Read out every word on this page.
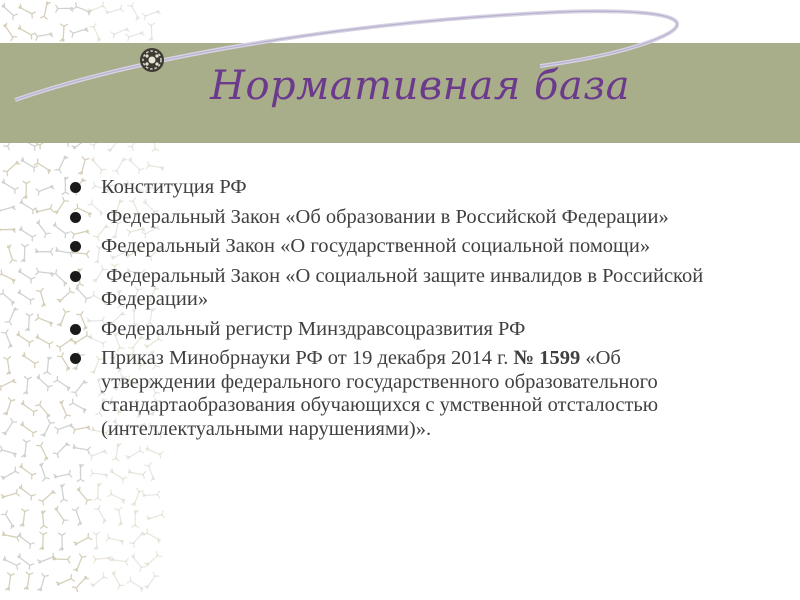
Нормативная база
Конституция РФ
Федеральный Закон «Об образовании в Российской Федерации»
Федеральный Закон «О государственной социальной помощи»
Федеральный Закон «О социальной защите инвалидов в Российской Федерации»
Федеральный регистр Минздравсоцразвития РФ
Приказ Минобрнауки РФ от 19 декабря 2014 г. № 1599 «Об утверждении федерального государственного образовательного стандартаобразования обучающихся с умственной отсталостью (интеллектуальными нарушениями)».
